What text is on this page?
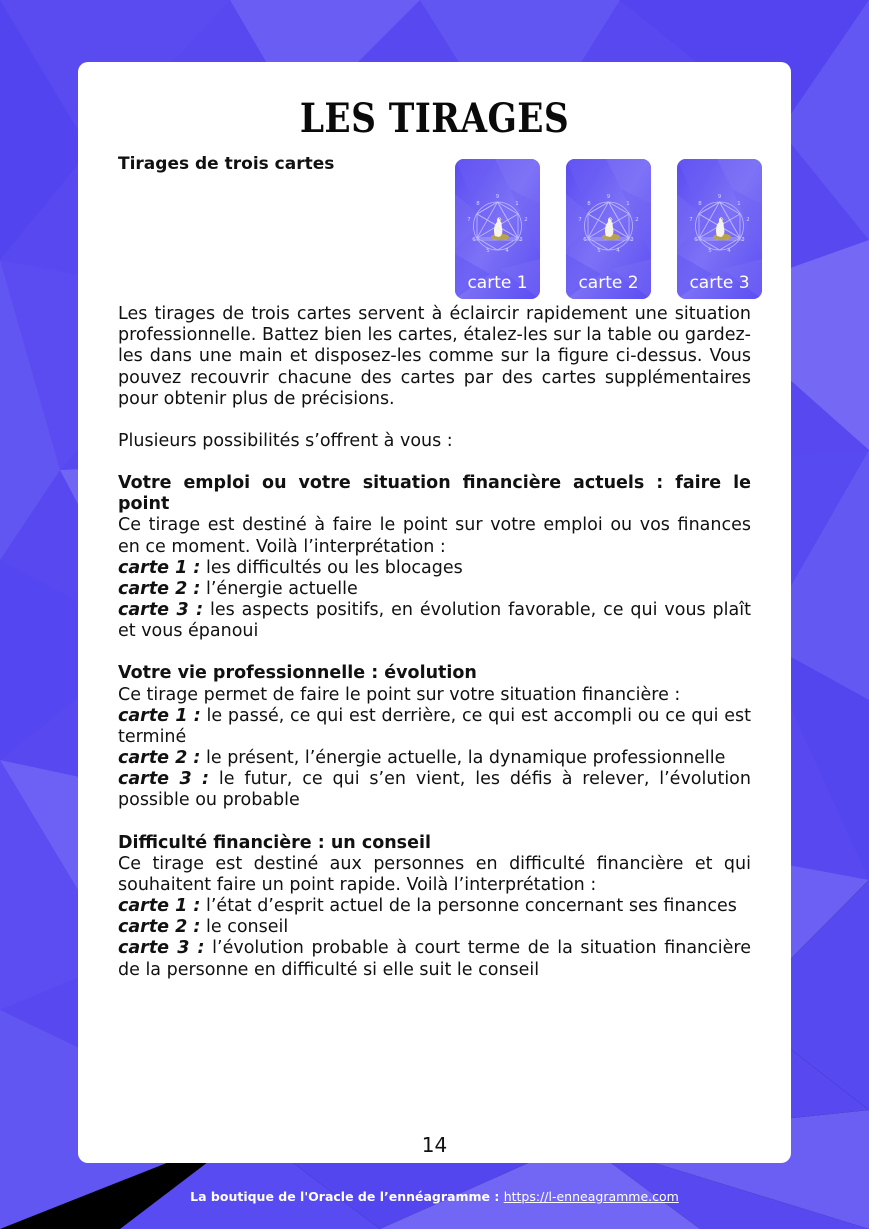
LES TIRAGES
Tirages de trois cartes
9
1
2
3
4
5
6
7
8
carte 1
9
1
2
3
4
5
6
7
8
carte 2
9
1
2
3
4
5
6
7
8
carte 3

Les tirages de trois cartes servent à éclaircir rapidement une situation professionnelle. Battez bien les cartes, étalez-les sur la table ou gardez-les dans une main et disposez-les comme sur la figure ci-dessus. Vous pouvez recouvrir chacune des cartes par des cartes supplémentaires pour obtenir plus de précisions.

Plusieurs possibilités s’offrent à vous :

Votre emploi ou votre situation financière actuels : faire le point

Ce tirage est destiné à faire le point sur votre emploi ou vos finances en ce moment. Voilà l’interprétation :

carte 1 : les difficultés ou les blocages

carte 2 : l’énergie actuelle

carte 3 : les aspects positifs, en évolution favorable, ce qui vous plaît et vous épanoui

Votre vie professionnelle : évolution

Ce tirage permet de faire le point sur votre situation financière :

carte 1 : le passé, ce qui est derrière, ce qui est accompli ou ce qui est terminé

carte 2 : le présent, l’énergie actuelle, la dynamique professionnelle

carte 3 : le futur, ce qui s’en vient, les défis à relever, l’évolution possible ou probable

Difficulté financière : un conseil

Ce tirage est destiné aux personnes en difficulté financière et qui souhaitent faire un point rapide. Voilà l’interprétation :

carte 1 : l’état d’esprit actuel de la personne concernant ses finances

carte 2 : le conseil

carte 3 : l’évolution probable à court terme de la situation financière de la personne en difficulté si elle suit le conseil

14
La boutique de l'Oracle de l’ennéagramme : https://l-enneagramme.com
